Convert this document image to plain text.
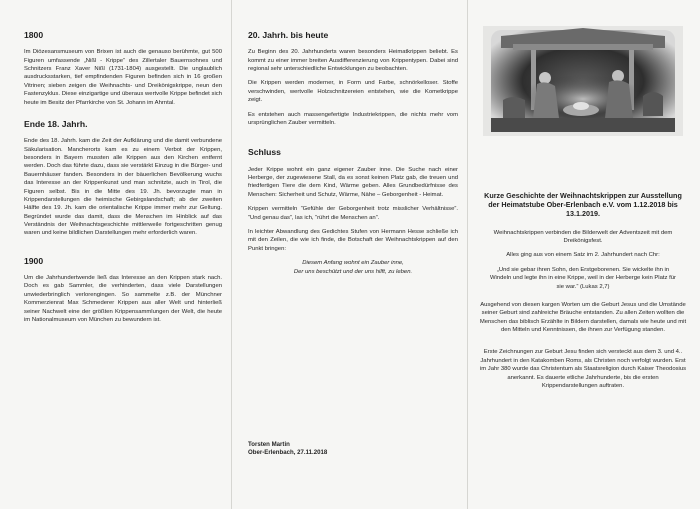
1800

Im Diözesansmuseum von Brixen ist auch die genauso berühmte, gut 500 Figuren umfassende „Nißl - Krippe“ des Zillertaler Bauernsohnes und Schnitzers Franz Xaver Nißl (1731-1804) ausgestellt. Die unglaublich ausdrucksstarken, tief empfindenden Figuren befinden sich in 16 großen Vitrinen; sieben zeigen die Weihnachts- und Dreikönigskrippe, neun den Fastenzyklus. Diese einzigartige und überaus wertvolle Krippe befindet sich heute im Besitz der Pfarrkirche von St. Johann im Ahrntal.

Ende 18. Jahrh.

Ende des 18. Jahrh. kam die Zeit der Aufklärung und die damit verbundene Säkularisation. Mancherorts kam es zu einem Verbot der Krippen, besonders in Bayern mussten alle Krippen aus den Kirchen entfernt werden. Doch das führte dazu, dass sie verstärkt Einzug in die Bürger- und Bauernhäuser fanden. Besonders in der bäuerlichen Bevölkerung wuchs das Interesse an der Krippenkunst und man schnitzte, auch in Tirol, die Figuren selbst. Bis in die Mitte des 19. Jh. bevorzugte man in Krippendarstellungen die heimische Gebirgslandschaft; ab der zweiten Hälfte des 19. Jh. kam die orientalische Krippe immer mehr zur Geltung. Begründet wurde das damit, dass die Menschen im Hinblick auf das Verständnis der Weihnachtsgeschichte mittlerweile fortgeschritten genug waren und keine bildlichen Darstellungen mehr erforderlich waren.

1900

Um die Jahrhundertwende ließ das Interesse an den Krippen stark nach. Doch es gab Sammler, die verhinderten, dass viele Darstellungen unwiederbringlich verlorengingen. So sammelte z.B. der Münchner Kommerzienrat Max Schmederer Krippen aus aller Welt und hinterließ seiner Nachwelt eine der größten Krippensammlungen der Welt, die heute im Nationalmuseum von München zu bewundern ist.

20. Jahrh. bis heute

Zu Beginn des 20. Jahrhunderts waren besonders Heimatkrippen beliebt. Es kommt zu einer immer breiten Ausdifferenzierung von Krippentypen. Dabei sind regional sehr unterschiedliche Entwicklungen zu beobachten.

Die Krippen werden moderner, in Form und Farbe, schnörkelloser. Stoffe verschwinden, wertvolle Holzschnitzereien entstehen, wie die Kometkrippe zeigt.

Es entstehen auch massengefertigte Industriekrippen, die nichts mehr vom ursprünglichen Zauber vermitteln.

Schluss

Jeder Krippe wohnt ein ganz eigener Zauber inne. Die Suche nach einer Herberge, der zugewiesene Stall, da es sonst keinen Platz gab, die treuen und friedfertigen Tiere die dem Kind, Wärme geben. Alles Grundbedürfnisse des Menschen: Sicherheit und Schutz, Wärme, Nähe – Geborgenheit - Heimat.

Krippen vermitteln “Gefühle der Geborgenheit trotz misslicher Verhältnisse”. “Und genau das”, las ich, “rührt die Menschen an”.

In leichter Abwandlung des Gedichtes Stufen von Hermann Hesse schließe ich mit den Zeilen, die wie ich finde, die Botschaft der Weihnachtskrippen auf den Punkt bringen:

Diesem Anfang wohnt ein Zauber inne,
Der uns beschützt und der uns hilft, zu leben.
Torsten Martin
Ober-Erlenbach, 27.11.2018
Kurze Geschichte der Weihnachtskrippen zur Ausstellung der Heimatstube Ober-Erlenbach e.V. vom 1.12.2018 bis 13.1.2019.

Weihnachtskrippen verbinden die Bilderwelt der Adventszeit mit dem Dreikönigsfest.

Alles ging aus von einem Satz im 2. Jahrhundert nach Chr:

„Und sie gebar ihren Sohn, den Erstgeborenen. Sie wickelte ihn in Windeln und legte ihn in eine Krippe, weil in der Herberge kein Platz für sie war.“ (Lukas 2,7)

Ausgehend von diesen kargen Worten um die Geburt Jesus und die Umstände seiner Geburt sind zahlreiche Bräuche entstanden. Zu allen Zeiten wollten die Menschen das biblisch Erzählte in Bildern darstellen, damals wie heute und mit den Mitteln und Kenntnissen, die ihnen zur Verfügung standen.

Erste Zeichnungen zur Geburt Jesu finden sich versteckt aus dem 3. und 4.. Jahrhundert in den Katakomben Roms, als Christen noch verfolgt wurden. Erst im Jahr 380 wurde das Christentum als Staatsreligion durch Kaiser Theodosius anerkannt. Es dauerte etliche Jahrhunderte, bis die ersten Krippendarstellungen auftraten.
